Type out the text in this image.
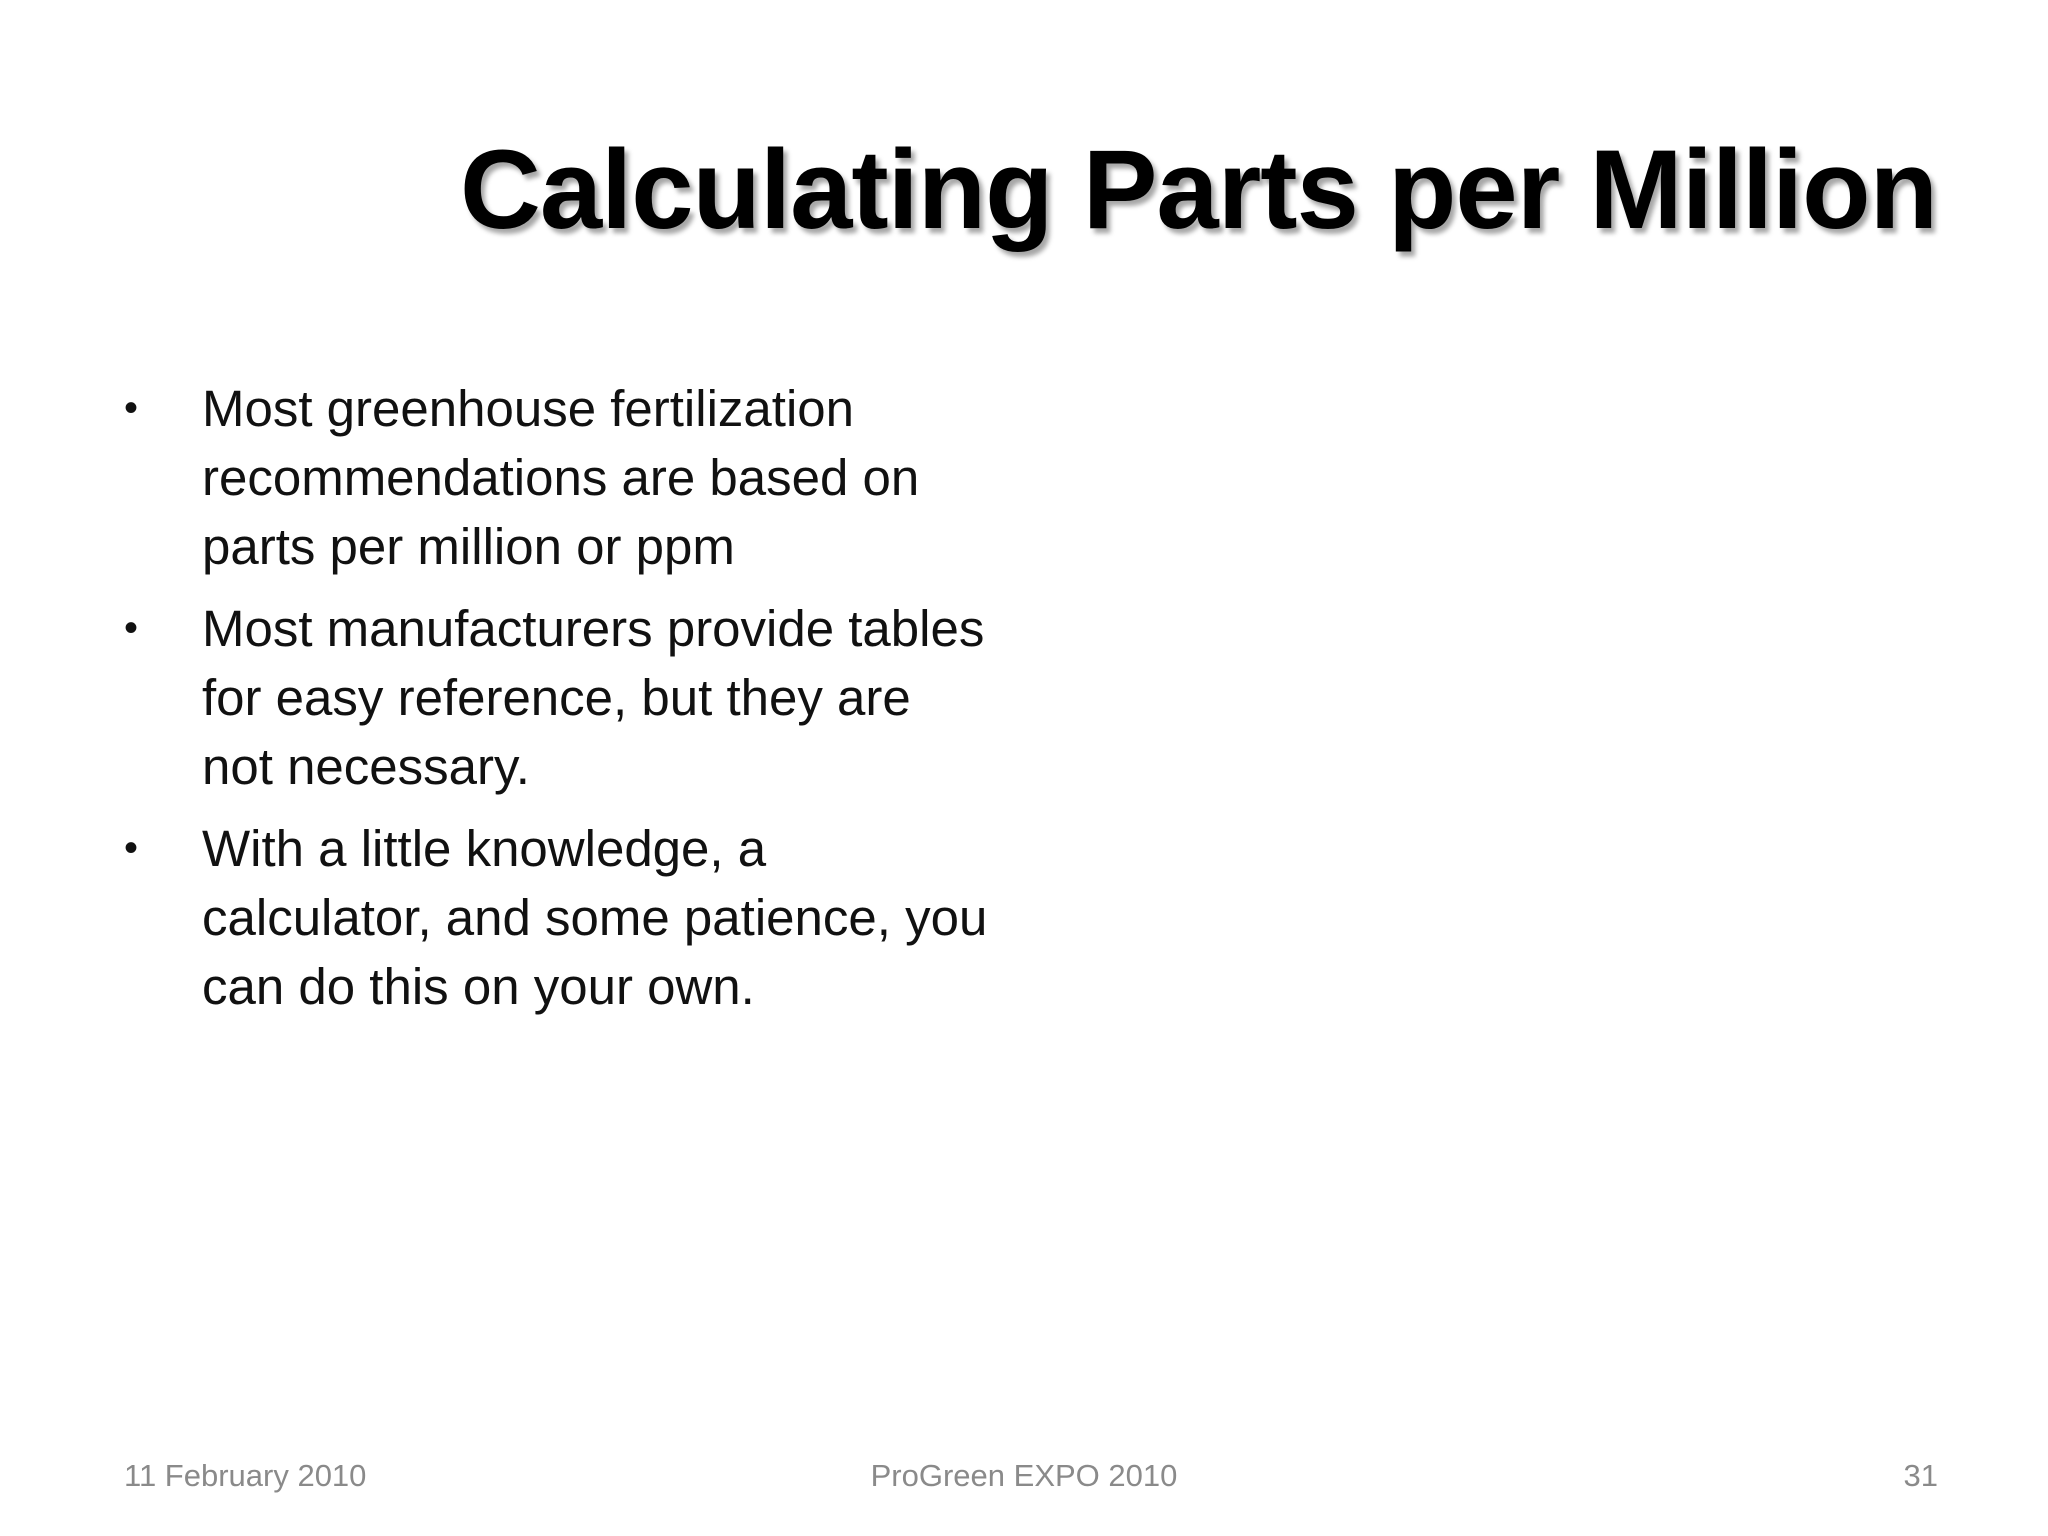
Calculating Parts per Million
• Most greenhouse fertilization recommendations are based on parts per million or ppm
• Most manufacturers provide tables for easy reference, but they are not necessary.
• With a little knowledge, a calculator, and some patience, you can do this on your own.
11 February 2010	ProGreen EXPO 2010	31
